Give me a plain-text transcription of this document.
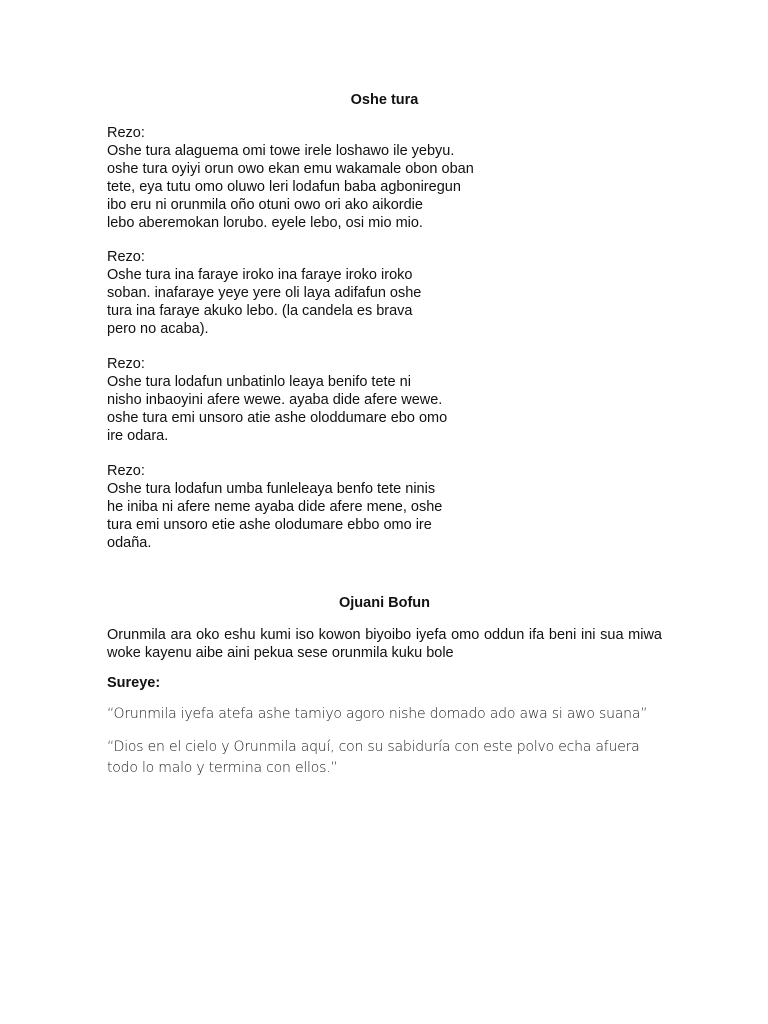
Oshe tura
Rezo:
Oshe tura alaguema omi towe irele loshawo ile yebyu.
oshe tura oyiyi orun owo ekan emu wakamale obon oban
tete, eya tutu omo oluwo leri lodafun baba agboniregun
ibo eru ni orunmila oño otuni owo ori ako aikordie
lebo aberemokan lorubo. eyele lebo, osi mio mio.
Rezo:
Oshe tura ina faraye iroko ina faraye iroko iroko
soban. inafaraye yeye yere oli laya adifafun oshe
tura ina faraye akuko lebo. (la candela es brava
pero no acaba).
Rezo:
Oshe tura lodafun unbatinlo leaya benifo tete ni
nisho inbaoyini afere wewe. ayaba dide afere wewe.
oshe tura emi unsoro atie ashe oloddumare ebo omo
ire odara.
Rezo:
Oshe tura lodafun umba funleleaya benfo tete ninis
he iniba ni afere neme ayaba dide afere mene, oshe
tura emi unsoro etie ashe olodumare ebbo omo ire
odaña.
Ojuani Bofun
Orunmila ara oko eshu kumi iso kowon biyoibo iyefa omo oddun ifa beni ini sua miwa woke kayenu aibe aini pekua sese orunmila kuku bole
Sureye:
“Orunmila iyefa atefa ashe tamiyo agoro nishe domado ado awa si awo suana”
“Dios en el cielo y Orunmila aquí, con su sabiduría con este polvo echa afuera
todo lo malo y termina con ellos.”
